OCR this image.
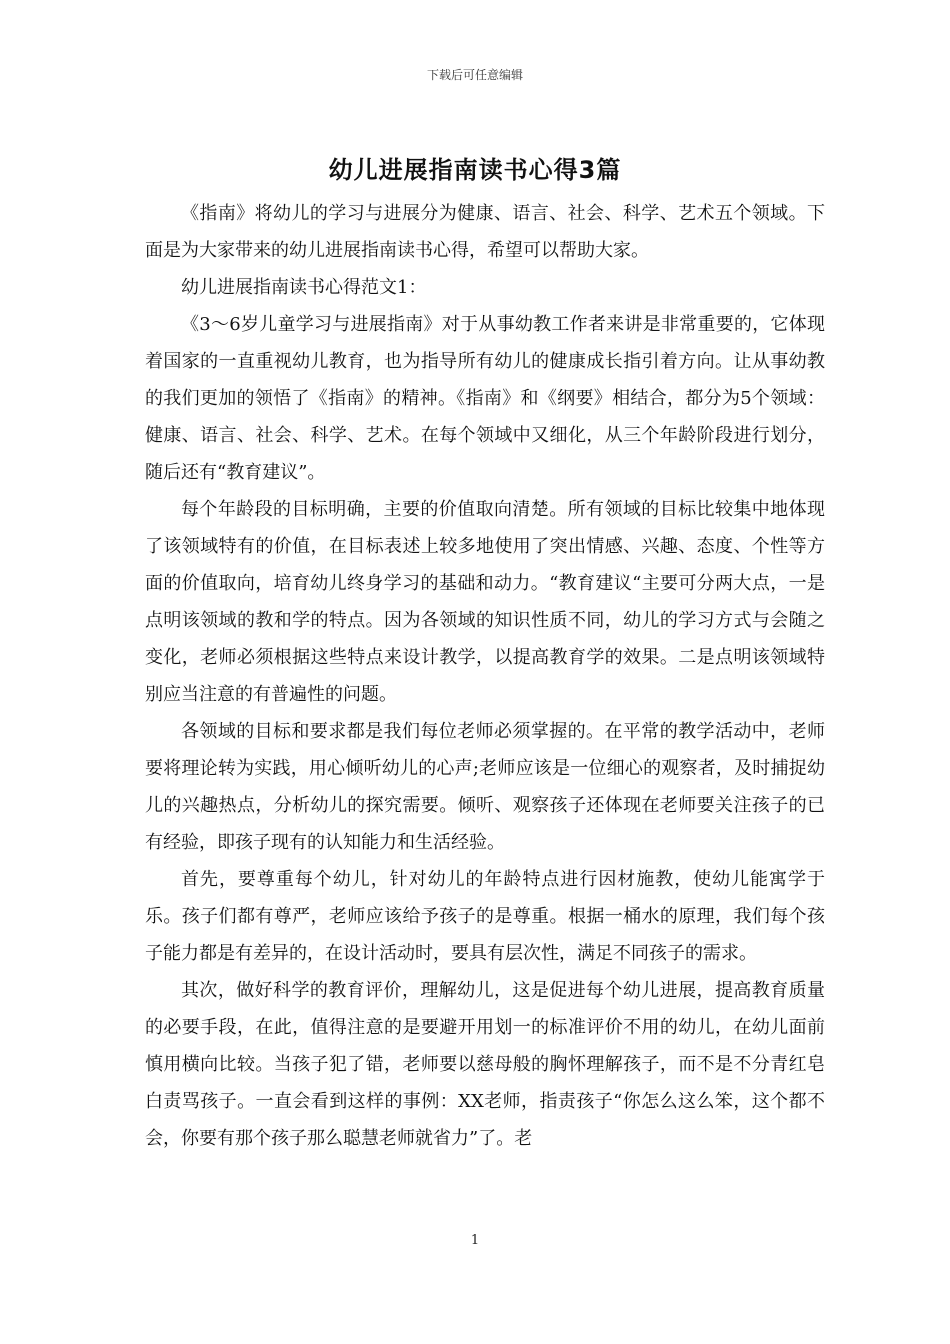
下载后可任意编辑
幼儿进展指南读书心得3篇

《指南》将幼儿的学习与进展分为健康、语言、社会、科学、艺术五个领域。下面是为大家带来的幼儿进展指南读书心得，希望可以帮助大家。

幼儿进展指南读书心得范文1：

《3～6岁儿童学习与进展指南》对于从事幼教工作者来讲是非常重要的，它体现着国家的一直重视幼儿教育，也为指导所有幼儿的健康成长指引着方向。让从事幼教的我们更加的领悟了《指南》的精神。《指南》和《纲要》相结合，都分为5个领域：健康、语言、社会、科学、艺术。在每个领域中又细化，从三个年龄阶段进行划分，随后还有“教育建议”。

每个年龄段的目标明确，主要的价值取向清楚。所有领域的目标比较集中地体现了该领域特有的价值，在目标表述上较多地使用了突出情感、兴趣、态度、个性等方面的价值取向，培育幼儿终身学习的基础和动力。“教育建议“主要可分两大点，一是点明该领域的教和学的特点。因为各领域的知识性质不同，幼儿的学习方式与会随之变化，老师必须根据这些特点来设计教学，以提高教育学的效果。二是点明该领域特别应当注意的有普遍性的问题。

各领域的目标和要求都是我们每位老师必须掌握的。在平常的教学活动中，老师要将理论转为实践，用心倾听幼儿的心声;老师应该是一位细心的观察者，及时捕捉幼儿的兴趣热点，分析幼儿的探究需要。倾听、观察孩子还体现在老师要关注孩子的已有经验，即孩子现有的认知能力和生活经验。

首先，要尊重每个幼儿，针对幼儿的年龄特点进行因材施教，使幼儿能寓学于乐。孩子们都有尊严，老师应该给予孩子的是尊重。根据一桶水的原理，我们每个孩子能力都是有差异的，在设计活动时，要具有层次性，满足不同孩子的需求。

其次，做好科学的教育评价，理解幼儿，这是促进每个幼儿进展，提高教育质量的必要手段，在此，值得注意的是要避开用划一的标准评价不用的幼儿，在幼儿面前慎用横向比较。当孩子犯了错，老师要以慈母般的胸怀理解孩子，而不是不分青红皂白责骂孩子。一直会看到这样的事例：XX老师，指责孩子“你怎么这么笨，这个都不会，你要有那个孩子那么聪慧老师就省力”了。老

1
